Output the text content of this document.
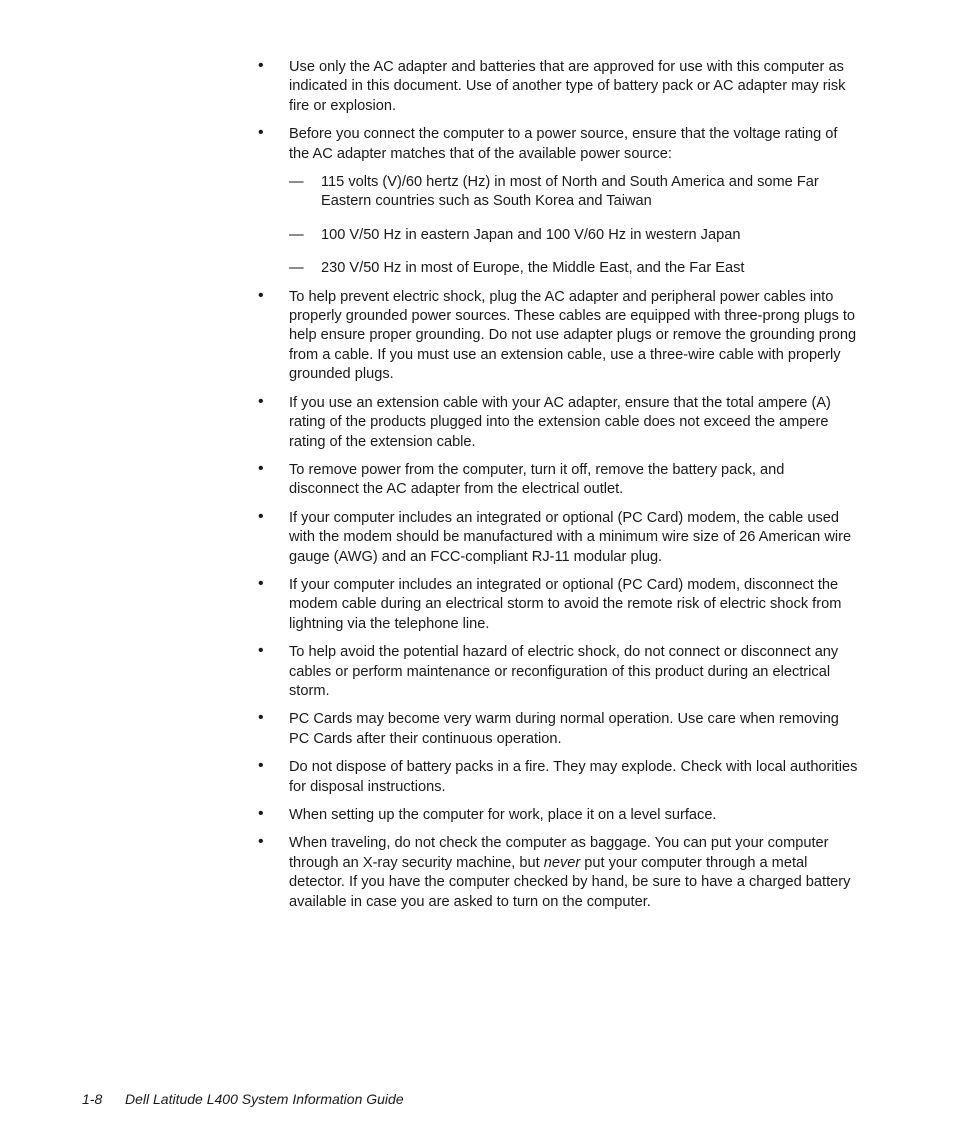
• Use only the AC adapter and batteries that are approved for use with this computer as indicated in this document. Use of another type of battery pack or AC adapter may risk fire or explosion.
• Before you connect the computer to a power source, ensure that the voltage rating of the AC adapter matches that of the available power source:
— 115 volts (V)/60 hertz (Hz) in most of North and South America and some Far Eastern countries such as South Korea and Taiwan
— 100 V/50 Hz in eastern Japan and 100 V/60 Hz in western Japan
— 230 V/50 Hz in most of Europe, the Middle East, and the Far East
• To help prevent electric shock, plug the AC adapter and peripheral power cables into properly grounded power sources. These cables are equipped with three-prong plugs to help ensure proper grounding. Do not use adapter plugs or remove the grounding prong from a cable. If you must use an extension cable, use a three-wire cable with properly grounded plugs.
• If you use an extension cable with your AC adapter, ensure that the total ampere (A) rating of the products plugged into the extension cable does not exceed the ampere rating of the extension cable.
• To remove power from the computer, turn it off, remove the battery pack, and disconnect the AC adapter from the electrical outlet.
• If your computer includes an integrated or optional (PC Card) modem, the cable used with the modem should be manufactured with a minimum wire size of 26 American wire gauge (AWG) and an FCC-compliant RJ-11 modular plug.
• If your computer includes an integrated or optional (PC Card) modem, disconnect the modem cable during an electrical storm to avoid the remote risk of electric shock from lightning via the telephone line.
• To help avoid the potential hazard of electric shock, do not connect or disconnect any cables or perform maintenance or reconfiguration of this product during an electrical storm.
• PC Cards may become very warm during normal operation. Use care when removing PC Cards after their continuous operation.
• Do not dispose of battery packs in a fire. They may explode. Check with local authorities for disposal instructions.
• When setting up the computer for work, place it on a level surface.
• When traveling, do not check the computer as baggage. You can put your computer through an X-ray security machine, but never put your computer through a metal detector. If you have the computer checked by hand, be sure to have a charged battery available in case you are asked to turn on the computer.
1-8 Dell Latitude L400 System Information Guide
